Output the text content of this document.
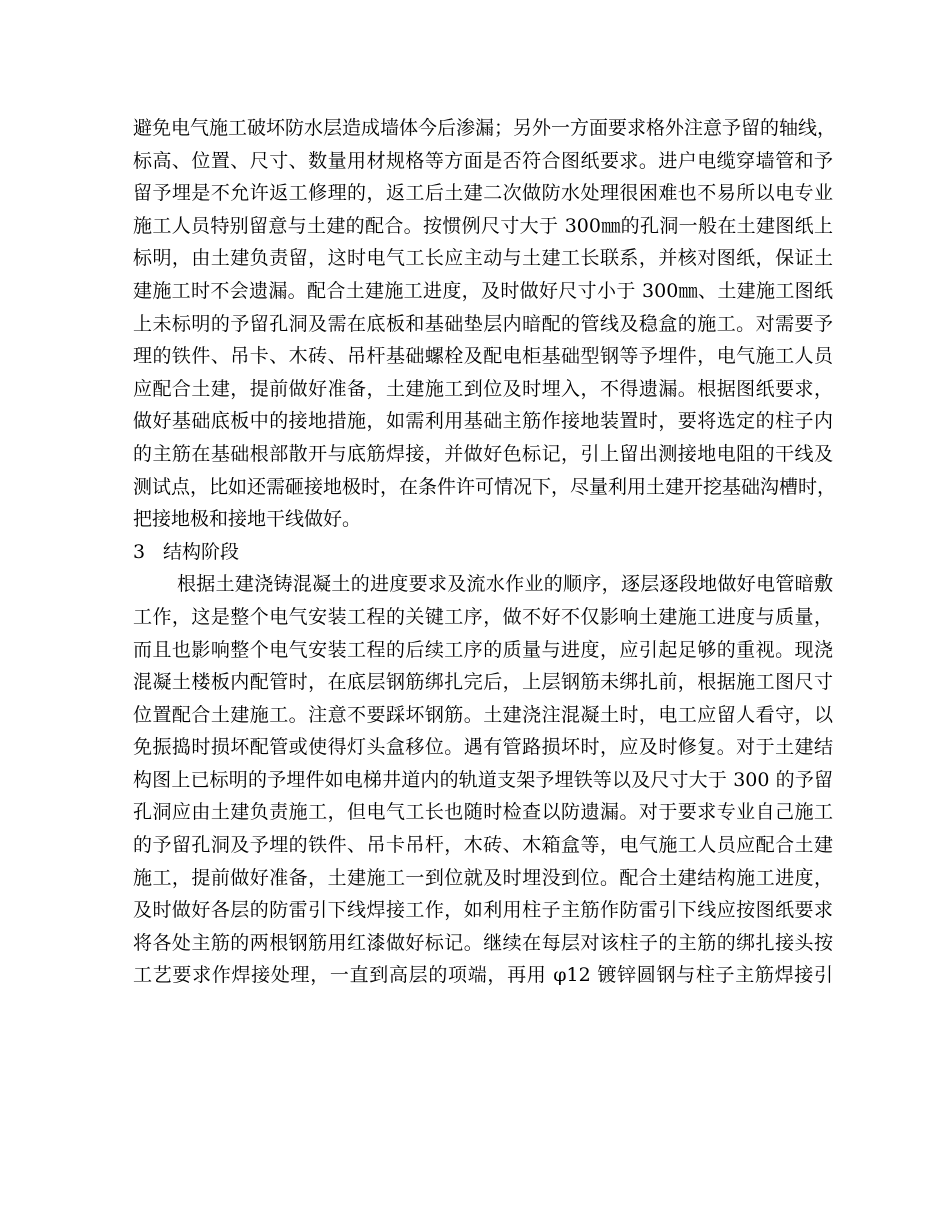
避免电气施工破坏防水层造成墙体今后渗漏；另外一方面要求格外注意予留的轴线，
标高、位置、尺寸、数量用材规格等方面是否符合图纸要求。进户电缆穿墙管和予
留予埋是不允许返工修理的，返工后土建二次做防水处理很困难也不易所以电专业
施工人员特别留意与土建的配合。按惯例尺寸大于 300㎜的孔洞一般在土建图纸上
标明，由土建负责留，这时电气工长应主动与土建工长联系，并核对图纸，保证土
建施工时不会遗漏。配合土建施工进度，及时做好尺寸小于 300㎜、土建施工图纸
上未标明的予留孔洞及需在底板和基础垫层内暗配的管线及稳盒的施工。对需要予
理的铁件、吊卡、木砖、吊杆基础螺栓及配电柜基础型钢等予埋件，电气施工人员
应配合土建，提前做好准备，土建施工到位及时埋入，不得遗漏。根据图纸要求，
做好基础底板中的接地措施，如需利用基础主筋作接地装置时，要将选定的柱子内
的主筋在基础根部散开与底筋焊接，并做好色标记，引上留出测接地电阻的干线及
测试点，比如还需砸接地极时，在条件许可情况下，尽量利用土建开挖基础沟槽时，
把接地极和接地干线做好。
3 结构阶段
根据土建浇铸混凝土的进度要求及流水作业的顺序，逐层逐段地做好电管暗敷
工作，这是整个电气安装工程的关键工序，做不好不仅影响土建施工进度与质量，
而且也影响整个电气安装工程的后续工序的质量与进度，应引起足够的重视。现浇
混凝土楼板内配管时，在底层钢筋绑扎完后，上层钢筋未绑扎前，根据施工图尺寸
位置配合土建施工。注意不要踩坏钢筋。土建浇注混凝土时，电工应留人看守，以
免振捣时损坏配管或使得灯头盒移位。遇有管路损坏时，应及时修复。对于土建结
构图上已标明的予埋件如电梯井道内的轨道支架予埋铁等以及尺寸大于 300 的予留
孔洞应由土建负责施工，但电气工长也随时检查以防遗漏。对于要求专业自己施工
的予留孔洞及予埋的铁件、吊卡吊杆，木砖、木箱盒等，电气施工人员应配合土建
施工，提前做好准备，土建施工一到位就及时埋没到位。配合土建结构施工进度，
及时做好各层的防雷引下线焊接工作，如利用柱子主筋作防雷引下线应按图纸要求
将各处主筋的两根钢筋用红漆做好标记。继续在每层对该柱子的主筋的绑扎接头按
工艺要求作焊接处理，一直到高层的项端，再用 φ12 镀锌圆钢与柱子主筋焊接引
